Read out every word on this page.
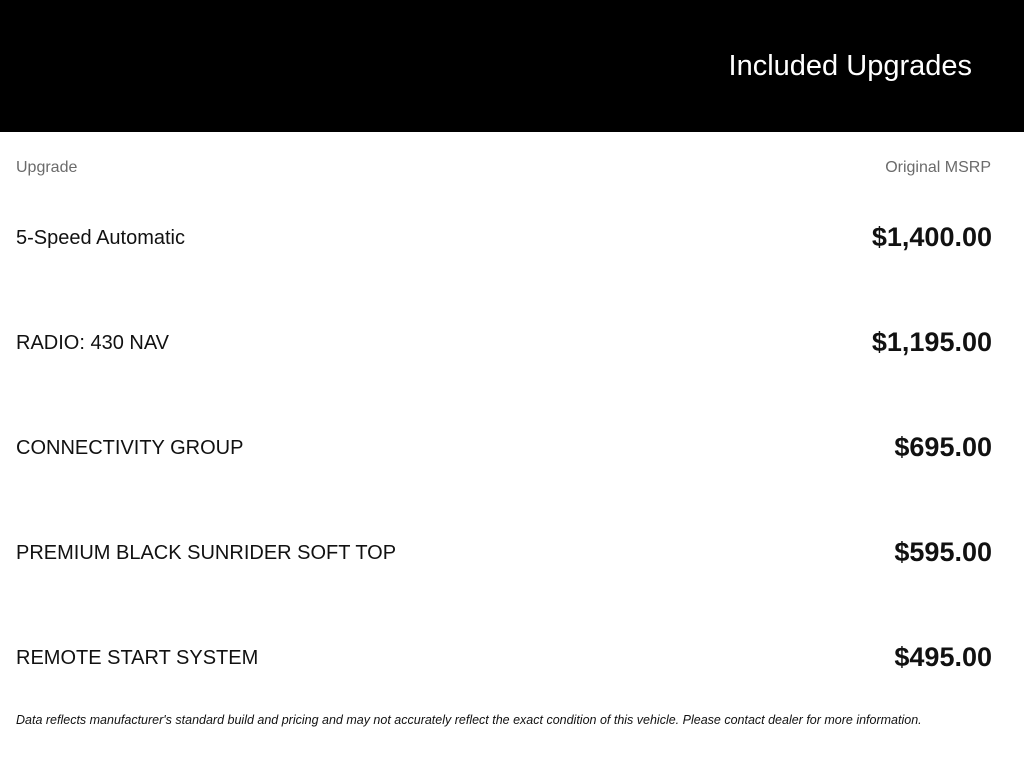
Included Upgrades
Upgrade	Original MSRP
5-Speed Automatic	$1,400.00
RADIO: 430 NAV	$1,195.00
CONNECTIVITY GROUP	$695.00
PREMIUM BLACK SUNRIDER SOFT TOP	$595.00
REMOTE START SYSTEM	$495.00
Data reflects manufacturer's standard build and pricing and may not accurately reflect the exact condition of this vehicle. Please contact dealer for more information.
